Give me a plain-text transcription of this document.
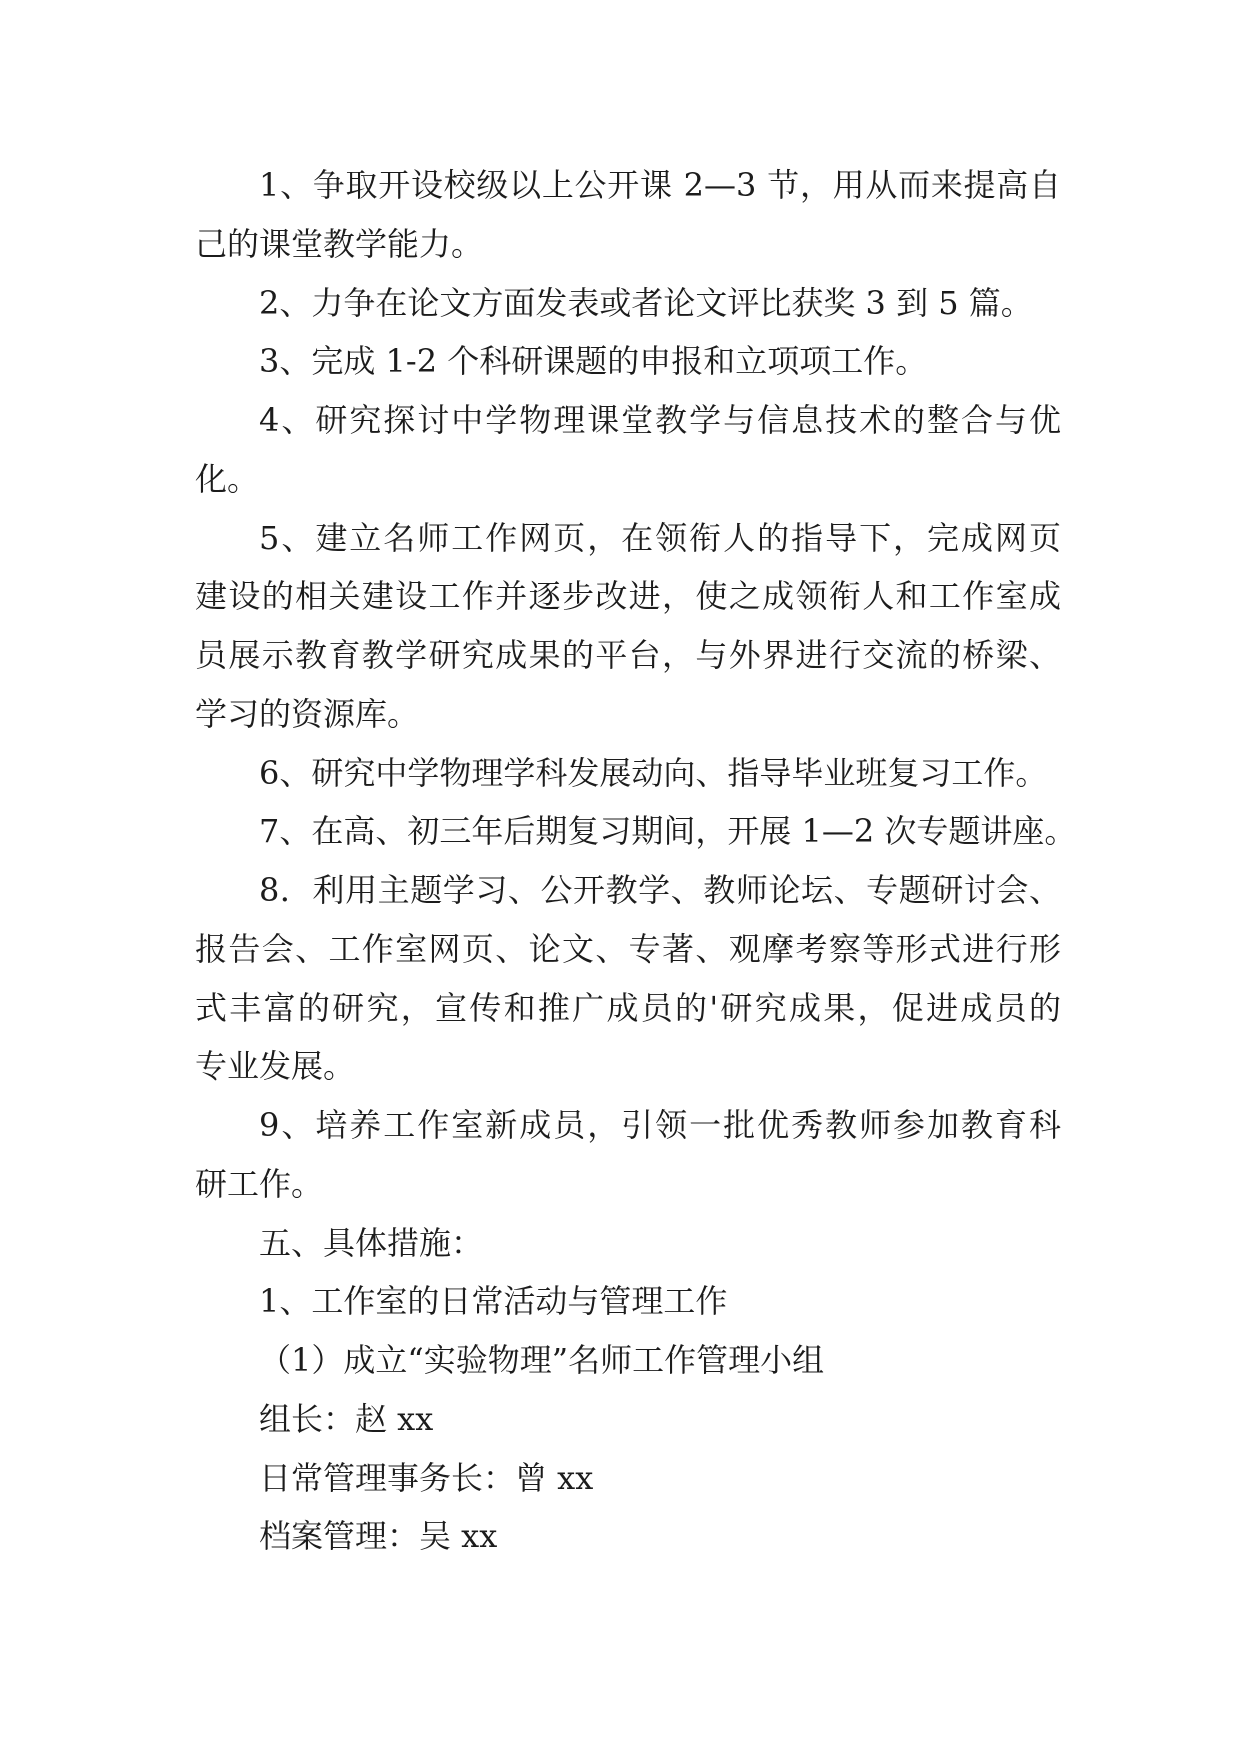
1、争取开设校级以上公开课 2—3 节，用从而来提高自
己的课堂教学能力。

2、力争在论文方面发表或者论文评比获奖 3 到 5 篇。

3、完成 1-2 个科研课题的申报和立项项工作。

4、研究探讨中学物理课堂教学与信息技术的整合与优
化。

5、建立名师工作网页，在领衔人的指导下，完成网页
建设的相关建设工作并逐步改进，使之成领衔人和工作室成
员展示教育教学研究成果的平台，与外界进行交流的桥梁、
学习的资源库。

6、研究中学物理学科发展动向、指导毕业班复习工作。

7、在高、初三年后期复习期间，开展 1—2 次专题讲座。

8．利用主题学习、公开教学、教师论坛、专题研讨会、
报告会、工作室网页、论文、专著、观摩考察等形式进行形
式丰富的研究，宣传和推广成员的'研究成果，促进成员的
专业发展。

9、培养工作室新成员，引领一批优秀教师参加教育科
研工作。

五、具体措施：

1、工作室的日常活动与管理工作

（1）成立“实验物理”名师工作管理小组

组长：赵 xx

日常管理事务长：曾 xx

档案管理：吴 xx
